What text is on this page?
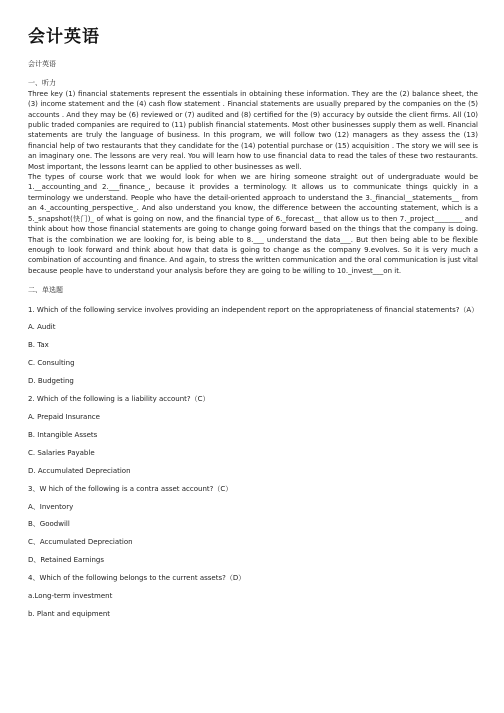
会计英语

会计英语

一、听力

Three key (1) financial statements represent the essentials in obtaining these information. They are the (2) balance sheet, the (3) income statement and the (4) cash flow statement . Financial statements are usually prepared by the companies on the (5) accounts . And they may be (6) reviewed or (7) audited and (8) certified for the (9) accuracy by outside the client firms. All (10) public traded companies are required to (11) publish financial statements. Most other businesses supply them as well. Financial statements are truly the language of business. In this program, we will follow two (12) managers as they assess the (13) financial help of two restaurants that they candidate for the (14) potential purchase or (15) acquisition . The story we will see is an imaginary one. The lessons are very real. You will learn how to use financial data to read the tales of these two restaurants. Most important, the lessons learnt can be applied to other businesses as well.

The types of course work that we would look for when we are hiring someone straight out of undergraduate would be 1.__accounting_and 2.___finance_, because it provides a terminology. It allows us to communicate things quickly in a terminology we understand. People who have the detail-oriented approach to understand the 3._financial__statements__ from an 4._accounting_perspective_. And also understand you know, the difference between the accounting statement, which is a 5._snapshot(快门)_ of what is going on now, and the financial type of 6._forecast__ that allow us to then 7._project________ and think about how those financial statements are going to change going forward based on the things that the company is doing. That is the combination we are looking for, is being able to 8.___ understand the data___. But then being able to be flexible enough to look forward and think about how that data is going to change as the company 9.evolves. So it is very much a combination of accounting and finance. And again, to stress the written communication and the oral communication is just vital because people have to understand your analysis before they are going to be willing to 10._invest___on it.

二、单选题

1. Which of the following service involves providing an independent report on the appropriateness of financial statements?（A）

A. Audit

B. Tax

C. Consulting

D. Budgeting

2. Which of the following is a liability account?（C）

A. Prepaid Insurance

B. Intangible Assets

C. Salaries Payable

D. Accumulated Depreciation

3、W hich of the following is a contra asset account?（C）

A、Inventory

B、Goodwill

C、Accumulated Depreciation

D、Retained Earnings

4、Which of the following belongs to the current assets?（D）

a.Long-term investment

b. Plant and equipment
